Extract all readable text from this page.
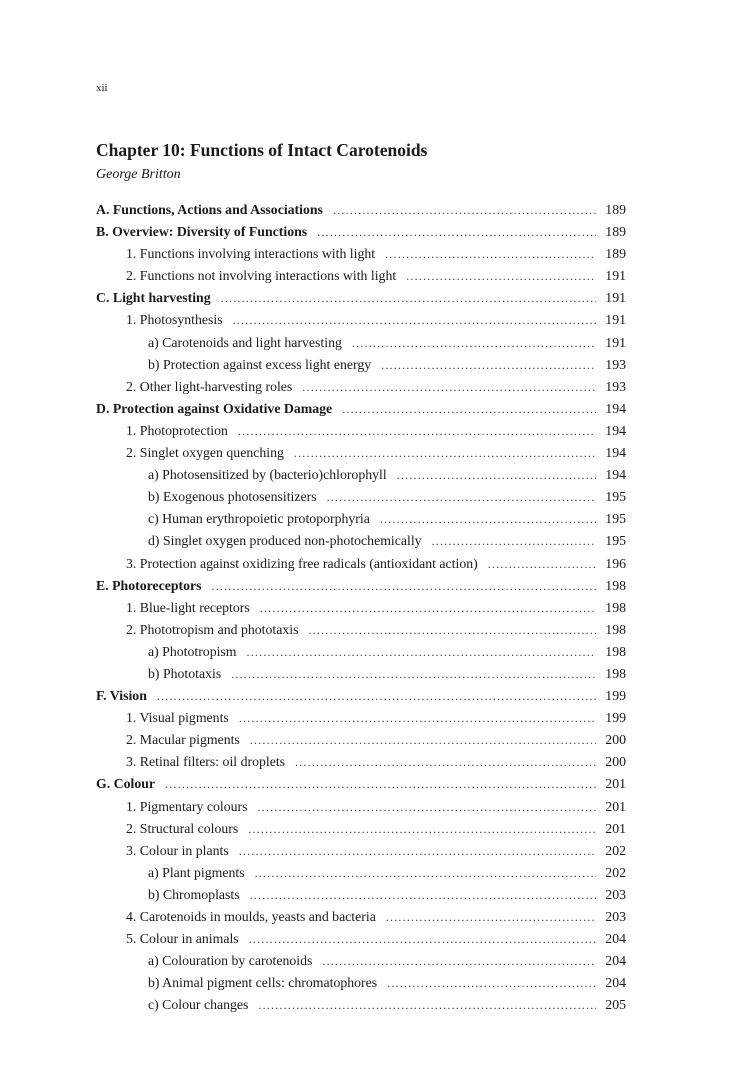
xii
Chapter 10: Functions of Intact Carotenoids
George Britton
A. Functions, Actions and Associations .....	189
B. Overview: Diversity of Functions .....	189
1. Functions involving interactions with light .....	189
2. Functions not involving interactions with light .....	191
C. Light harvesting .....	191
1. Photosynthesis .....	191
a) Carotenoids and light harvesting .....	191
b) Protection against excess light energy .....	193
2. Other light-harvesting roles .....	193
D. Protection against Oxidative Damage .....	194
1. Photoprotection .....	194
2. Singlet oxygen quenching .....	194
a) Photosensitized by (bacterio)chlorophyll .....	194
b) Exogenous photosensitizers .....	195
c) Human erythropoietic protoporphyria .....	195
d) Singlet oxygen produced non-photochemically .....	195
3. Protection against oxidizing free radicals (antioxidant action) .....	196
E. Photoreceptors .....	198
1. Blue-light receptors .....	198
2. Phototropism and phototaxis .....	198
a) Phototropism .....	198
b) Phototaxis .....	198
F. Vision .....	199
1. Visual pigments .....	199
2. Macular pigments .....	200
3. Retinal filters: oil droplets .....	200
G. Colour .....	201
1. Pigmentary colours .....	201
2. Structural colours .....	201
3. Colour in plants .....	202
a) Plant pigments .....	202
b) Chromoplasts .....	203
4. Carotenoids in moulds, yeasts and bacteria .....	203
5. Colour in animals .....	204
a) Colouration by carotenoids .....	204
b) Animal pigment cells: chromatophores .....	204
c) Colour changes .....	205
